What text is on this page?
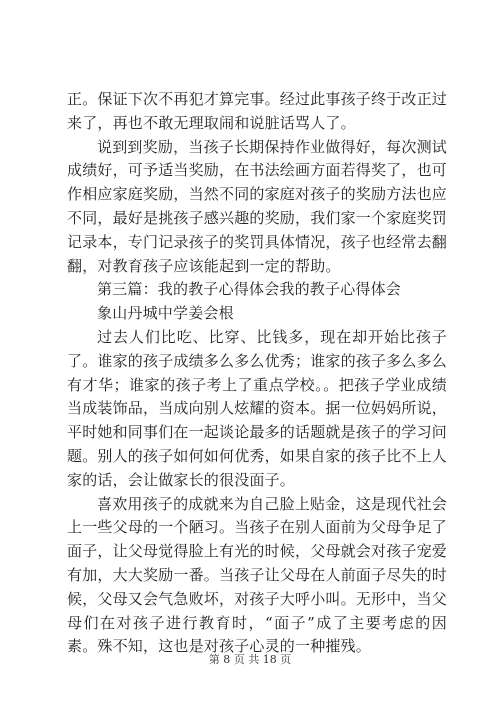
正。保证下次不再犯才算完事。经过此事孩子终于改正过来了，再也不敢无理取闹和说脏话骂人了。

说到到奖励，当孩子长期保持作业做得好，每次测试成绩好，可予适当奖励，在书法绘画方面若得奖了，也可作相应家庭奖励，当然不同的家庭对孩子的奖励方法也应不同，最好是挑孩子感兴趣的奖励，我们家一个家庭奖罚记录本，专门记录孩子的奖罚具体情况，孩子也经常去翻翻，对教育孩子应该能起到一定的帮助。

第三篇：我的教子心得体会我的教子心得体会

象山丹城中学姜会根

过去人们比吃、比穿、比钱多，现在却开始比孩子了。谁家的孩子成绩多么多么优秀；谁家的孩子多么多么有才华；谁家的孩子考上了重点学校。。把孩子学业成绩当成装饰品，当成向别人炫耀的资本。据一位妈妈所说，平时她和同事们在一起谈论最多的话题就是孩子的学习问题。别人的孩子如何如何优秀，如果自家的孩子比不上人家的话，会让做家长的很没面子。

喜欢用孩子的成就来为自己脸上贴金，这是现代社会上一些父母的一个陋习。当孩子在别人面前为父母争足了面子，让父母觉得脸上有光的时候，父母就会对孩子宠爱有加，大大奖励一番。当孩子让父母在人前面子尽失的时候，父母又会气急败坏，对孩子大呼小叫。无形中，当父母们在对孩子进行教育时，“面子”成了主要考虑的因素。殊不知，这也是对孩子心灵的一种摧残。

第 8 页 共 18 页
